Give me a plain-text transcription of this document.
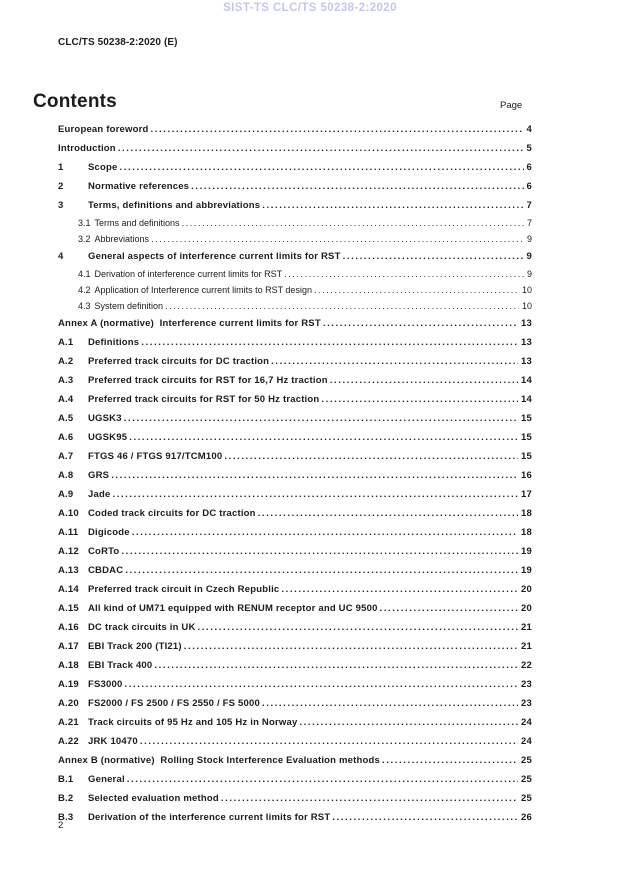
SIST-TS CLC/TS 50238-2:2020
CLC/TS 50238-2:2020 (E)
Contents	Page
European foreword .....	4
Introduction .....	5
1	Scope .....	6
2	Normative references .....	6
3	Terms, definitions and abbreviations .....	7
3.1 Terms and definitions .....	7
3.2 Abbreviations .....	9
4	General aspects of interference current limits for RST .....	9
4.1 Derivation of interference current limits for RST .....	9
4.2 Application of Interference current limits to RST design .....	10
4.3 System definition .....	10
Annex A (normative)  Interference current limits for RST .....	13
A.1	Definitions .....	13
A.2	Preferred track circuits for DC traction .....	13
A.3	Preferred track circuits for RST for 16,7 Hz traction .....	14
A.4	Preferred track circuits for RST for 50 Hz traction .....	14
A.5	UGSK3 .....	15
A.6	UGSK95 .....	15
A.7	FTGS 46 / FTGS 917/TCM100 .....	15
A.8	GRS .....	16
A.9	Jade .....	17
A.10 Coded track circuits for DC traction .....	18
A.11	Digicode .....	18
A.12 CoRTo .....	19
A.13 CBDAC .....	19
A.14 Preferred track circuit in Czech Republic .....	20
A.15 All kind of UM71 equipped with RENUM receptor and UC 9500 .....	20
A.16 DC track circuits in UK .....	21
A.17 EBI Track 200 (TI21) .....	21
A.18 EBI Track 400 .....	22
A.19 FS3000 .....	23
A.20 FS2000 / FS 2500 / FS 2550 / FS 5000 .....	23
A.21 Track circuits of 95 Hz and 105 Hz in Norway .....	24
A.22 JRK 10470 .....	24
Annex B (normative)  Rolling Stock Interference Evaluation methods .....	25
B.1	General .....	25
B.2	Selected evaluation method .....	25
B.3	Derivation of the interference current limits for RST .....	26
2
